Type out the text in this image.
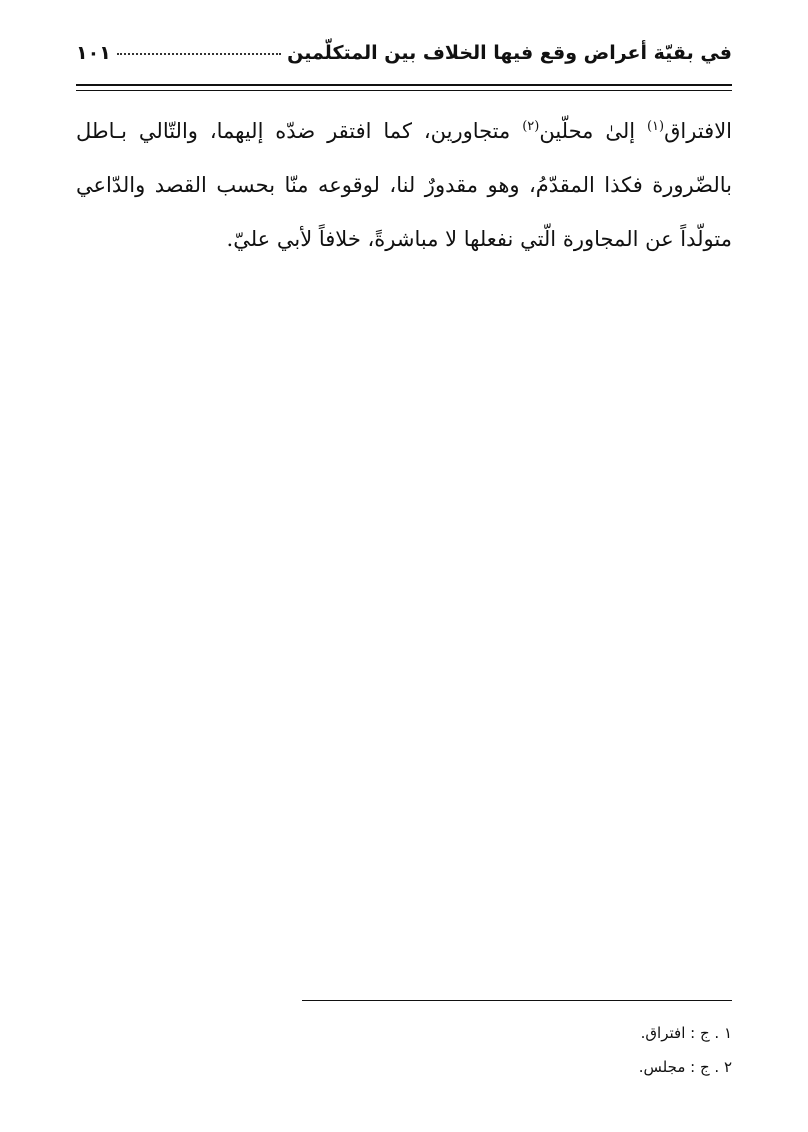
في بقيّة أعراض وقع فيها الخلاف بين المتكلّمين
١٠١
الافتراق$^{(١)}$ إلىٰ محلّين$^{(٢)}$ متجاورين، كما افتقر ضدّه إليهما، والتّالي بـاطل
بالضّرورة فكذا المقدّمُ، وهو مقدورٌ لنا، لوقوعه منّا بحسب القصد والدّاعي
متولّداً عن المجاورة الّتي نفعلها لا مباشرةً، خلافاً لأبي عليّ.
١ . ج : افتراق.
٢ . ج : مجلس.
